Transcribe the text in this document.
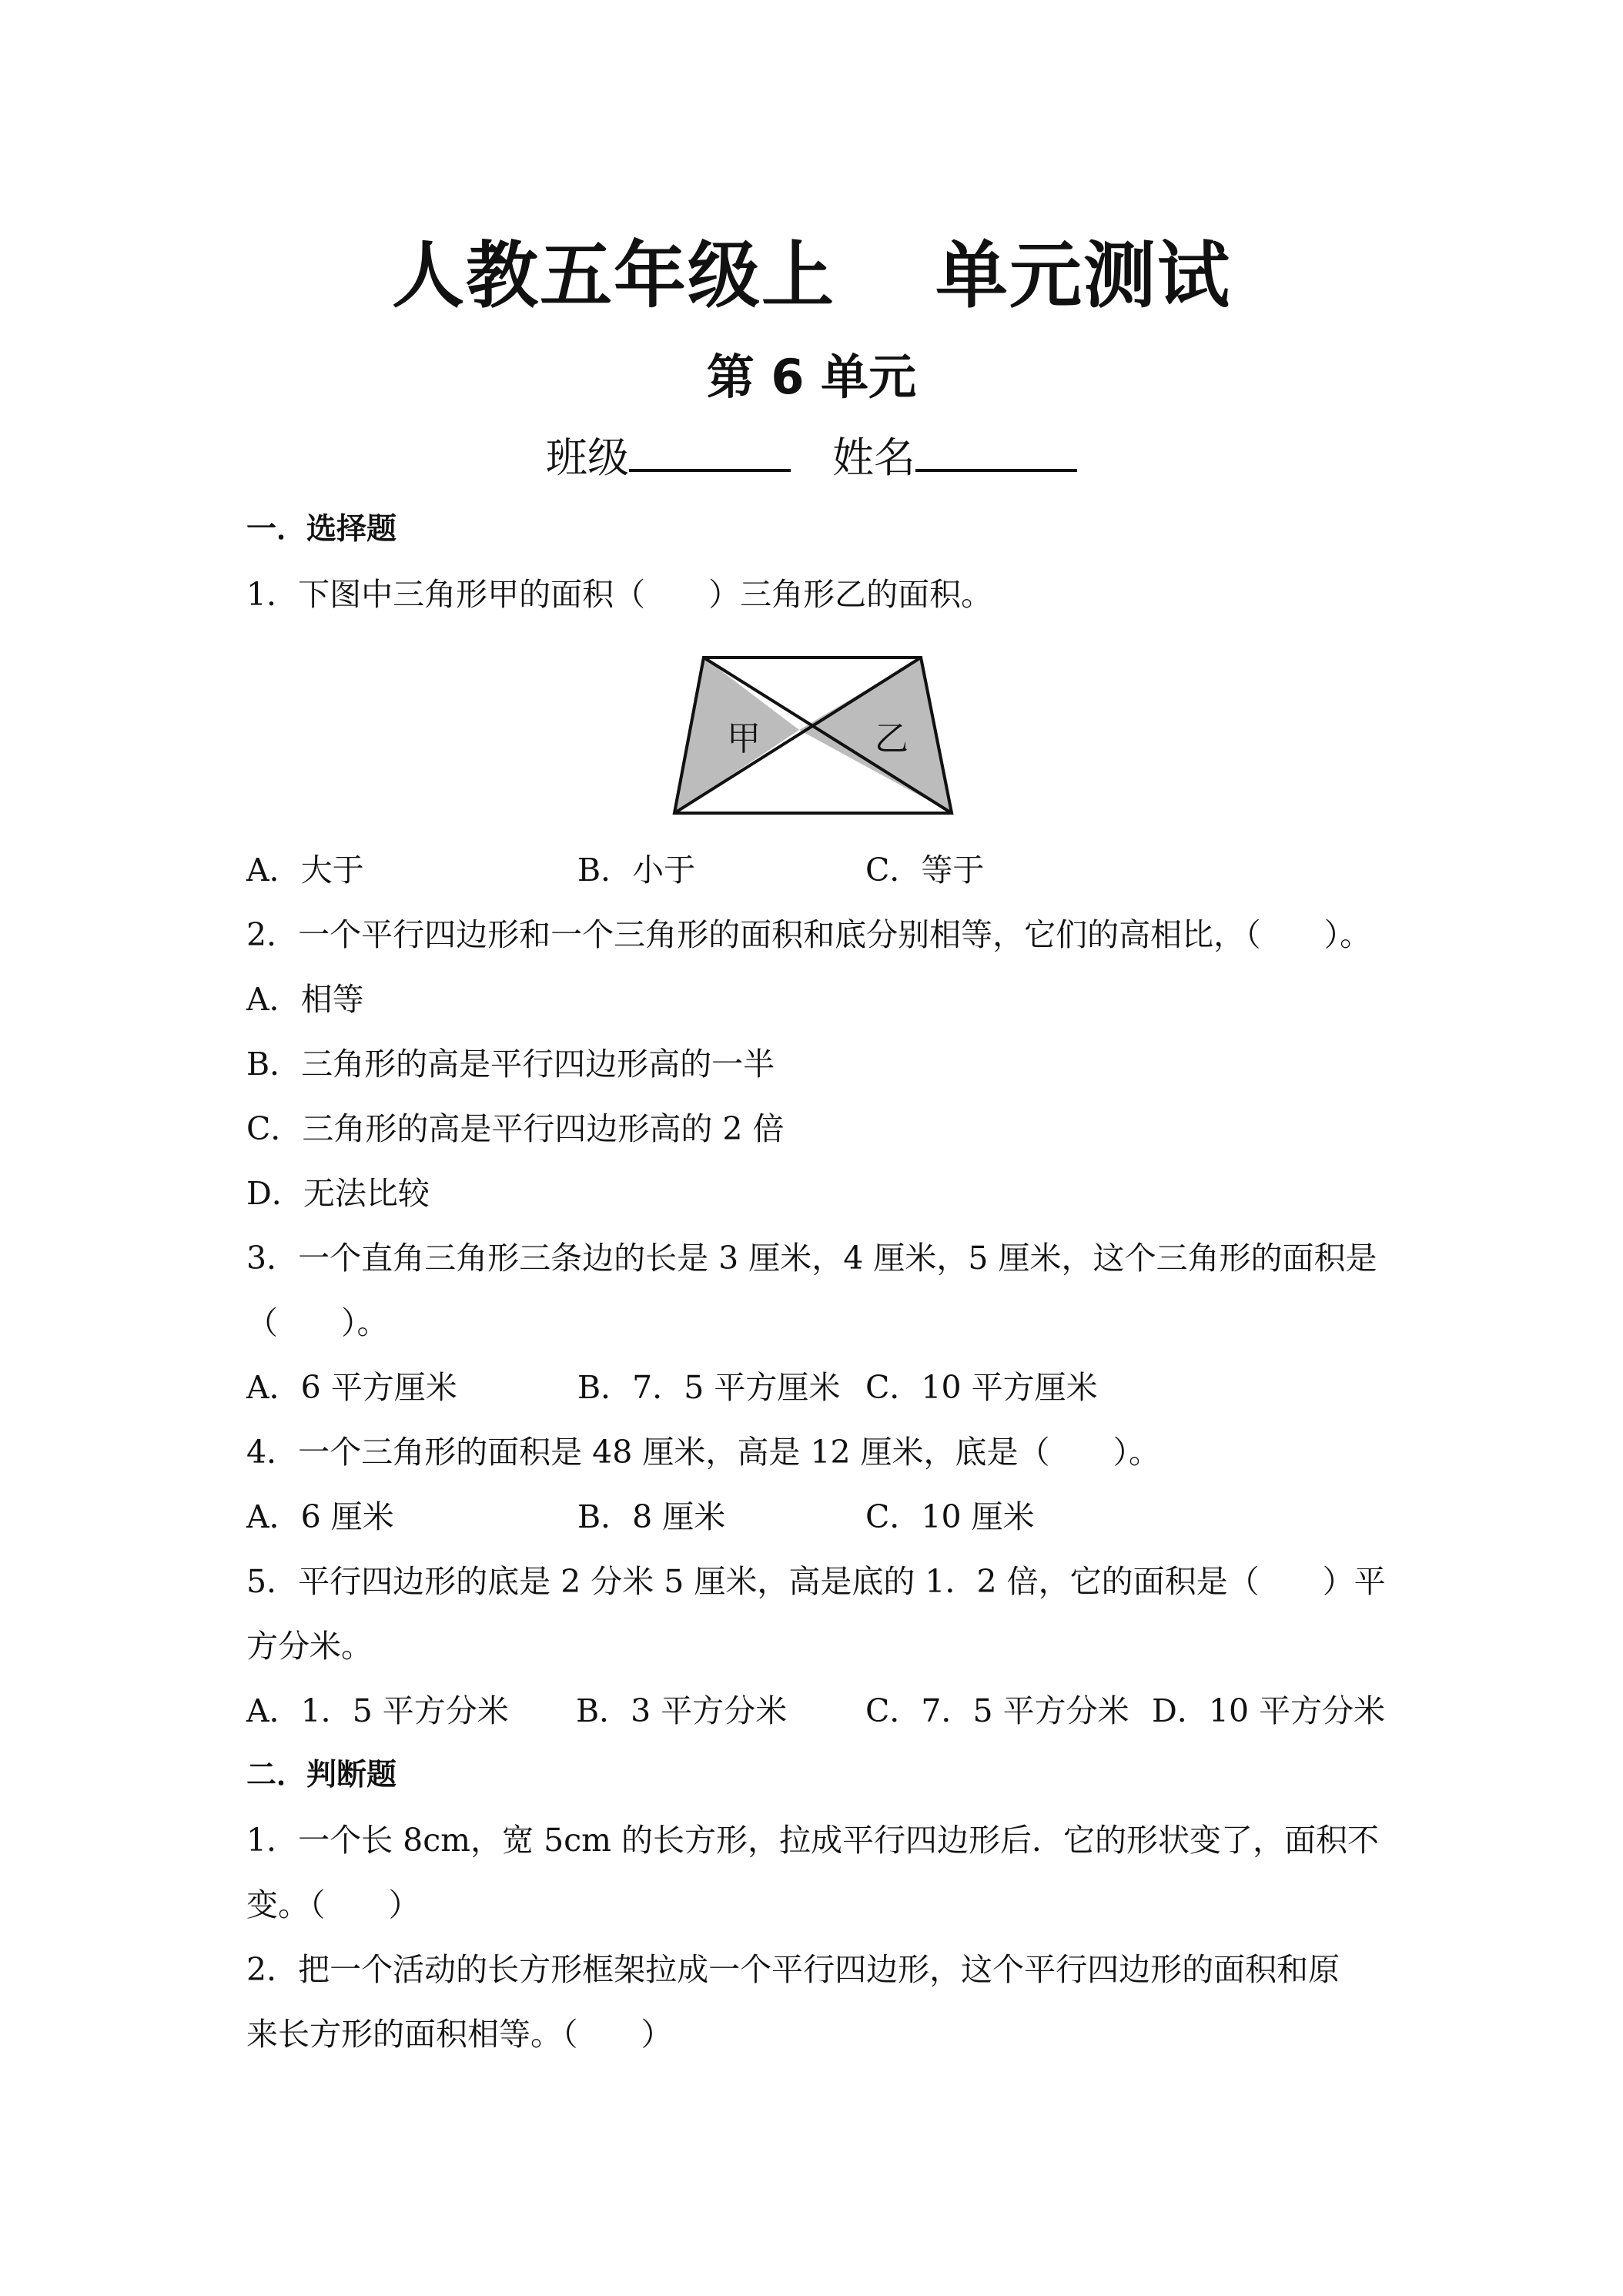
人教五年级上 单元测试
第 6 单元
班级	姓名
一．选择题
1．下图中三角形甲的面积（　　）三角形乙的面积。
甲	乙
A．大于	B．小于	C．等于
2．一个平行四边形和一个三角形的面积和底分别相等，它们的高相比，（　　）。
A．相等
B．三角形的高是平行四边形高的一半
C．三角形的高是平行四边形高的 2 倍
D．无法比较
3．一个直角三角形三条边的长是 3 厘米，4 厘米，5 厘米，这个三角形的面积是
（　　）。
A．6 平方厘米	B．7．5 平方厘米 C．10 平方厘米
4．一个三角形的面积是 48 厘米，高是 12 厘米，底是（　　）。
A．6 厘米	B．8 厘米	C．10 厘米
5．平行四边形的底是 2 分米 5 厘米，高是底的 1．2 倍，它的面积是（　　）平
方分米。
A．1．5 平方分米 B．3 平方分米 C．7．5 平方分米 D．10 平方分米
二．判断题
1．一个长 8cm，宽 5cm 的长方形，拉成平行四边形后．它的形状变了，面积不
变。（　　）
2．把一个活动的长方形框架拉成一个平行四边形，这个平行四边形的面积和原
来长方形的面积相等。（　　）
